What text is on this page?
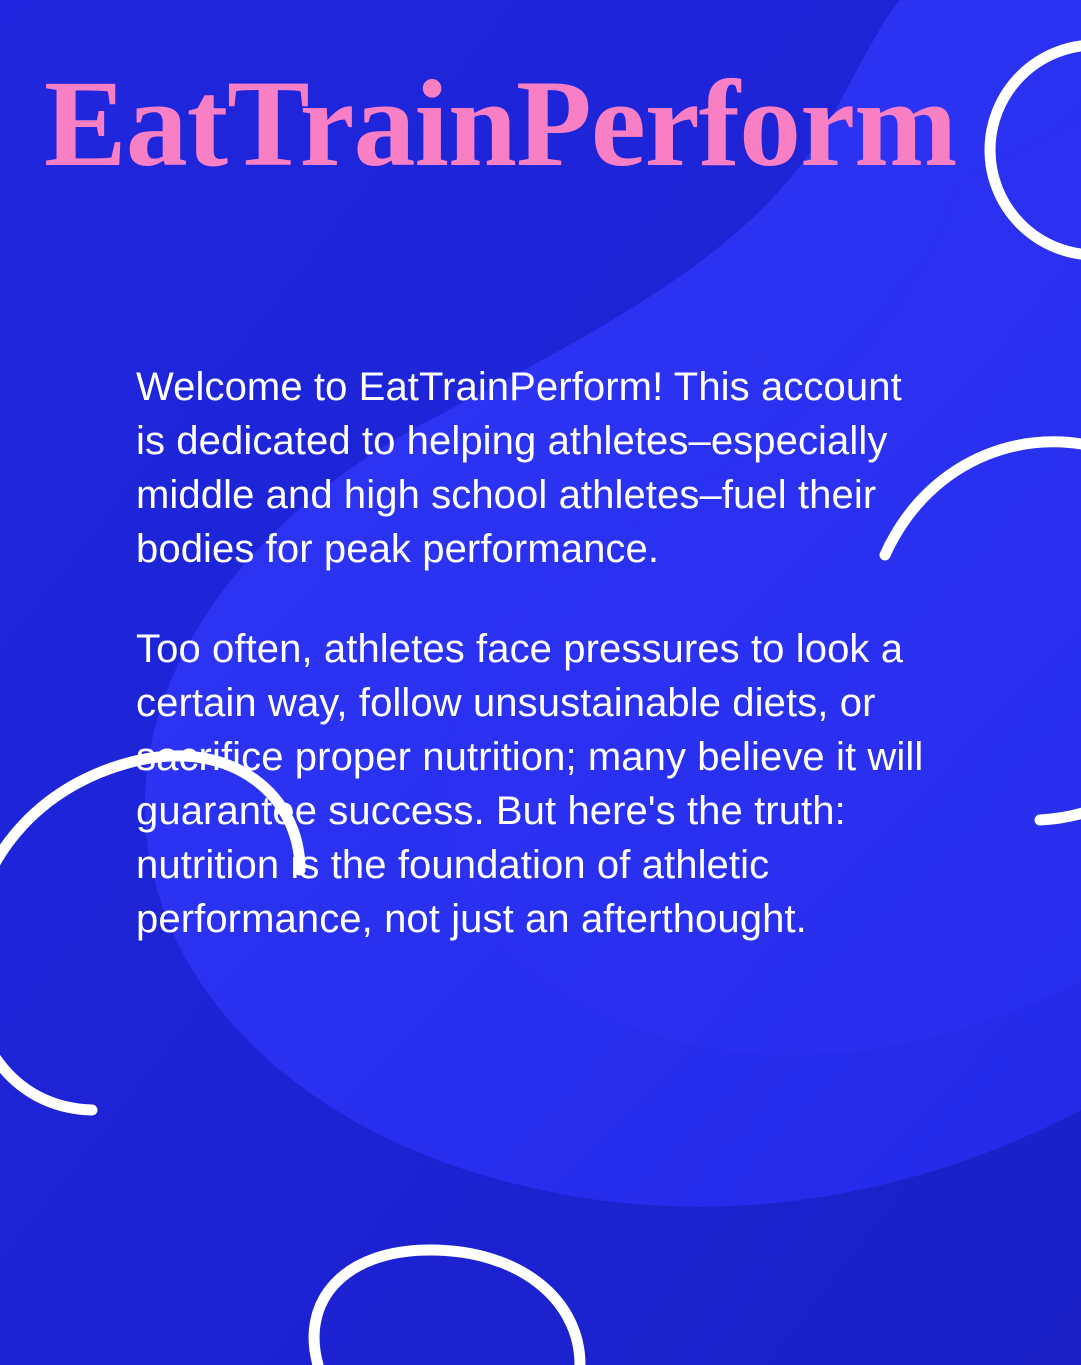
EatTrainPerform

Welcome to EatTrainPerform! This account is dedicated to helping athletes–especially middle and high school athletes–fuel their bodies for peak performance.

Too often, athletes face pressures to look a certain way, follow unsustainable diets, or sacrifice proper nutrition; many believe it will guarantee success. But here's the truth: nutrition is the foundation of athletic performance, not just an afterthought.
